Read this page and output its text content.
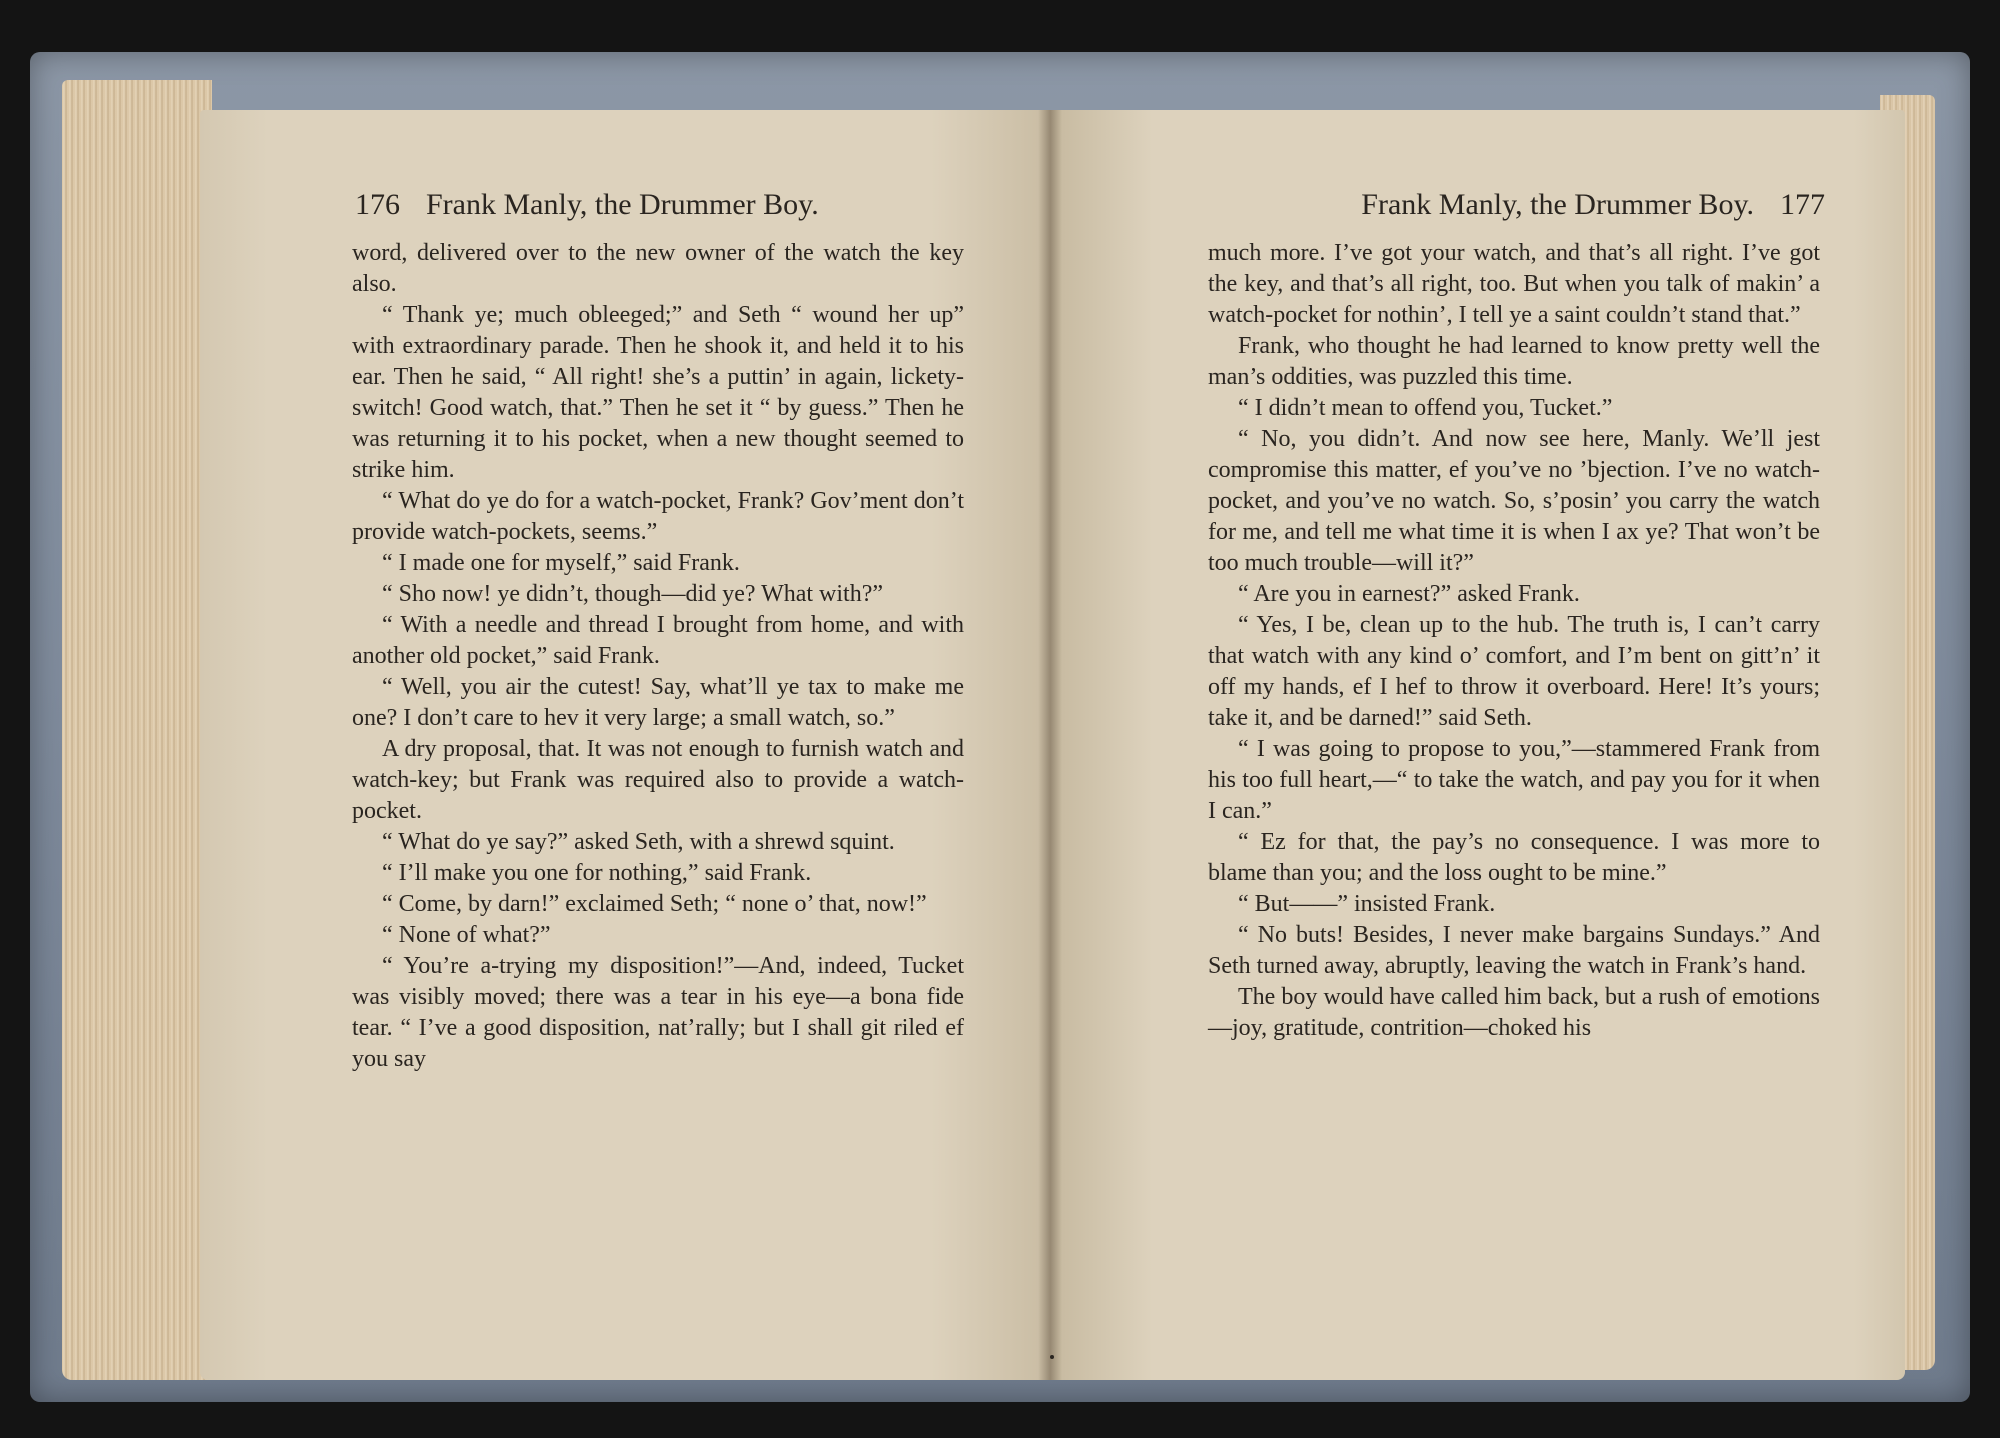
176 Frank Manly, the Drummer Boy.

word, delivered over to the new owner of the watch the key also.

“ Thank ye; much obleeged;” and Seth “ wound her up” with extraordinary parade. Then he shook it, and held it to his ear. Then he said, “ All right! she’s a puttin’ in again, lickety-switch! Good watch, that.” Then he set it “ by guess.” Then he was returning it to his pocket, when a new thought seemed to strike him.

“ What do ye do for a watch-pocket, Frank? Gov’ment don’t provide watch-pockets, seems.”

“ I made one for myself,” said Frank.

“ Sho now! ye didn’t, though—did ye? What with?”

“ With a needle and thread I brought from home, and with another old pocket,” said Frank.

“ Well, you air the cutest! Say, what’ll ye tax to make me one? I don’t care to hev it very large; a small watch, so.”

A dry proposal, that. It was not enough to furnish watch and watch-key; but Frank was required also to provide a watch-pocket.

“ What do ye say?” asked Seth, with a shrewd squint.

“ I’ll make you one for nothing,” said Frank.

“ Come, by darn!” exclaimed Seth; “ none o’ that, now!”

“ None of what?”

“ You’re a-trying my disposition!”—And, indeed, Tucket was visibly moved; there was a tear in his eye—a bona fide tear. “ I’ve a good disposition, nat’rally; but I shall git riled ef you say

Frank Manly, the Drummer Boy. 177

much more. I’ve got your watch, and that’s all right. I’ve got the key, and that’s all right, too. But when you talk of makin’ a watch-pocket for nothin’, I tell ye a saint couldn’t stand that.”

Frank, who thought he had learned to know pretty well the man’s oddities, was puzzled this time.

“ I didn’t mean to offend you, Tucket.”

“ No, you didn’t. And now see here, Manly. We’ll jest compromise this matter, ef you’ve no ’bjection. I’ve no watch-pocket, and you’ve no watch. So, s’posin’ you carry the watch for me, and tell me what time it is when I ax ye? That won’t be too much trouble—will it?”

“ Are you in earnest?” asked Frank.

“ Yes, I be, clean up to the hub. The truth is, I can’t carry that watch with any kind o’ comfort, and I’m bent on gitt’n’ it off my hands, ef I hef to throw it overboard. Here! It’s yours; take it, and be darned!” said Seth.

“ I was going to propose to you,”—stammered Frank from his too full heart,—“ to take the watch, and pay you for it when I can.”

“ Ez for that, the pay’s no consequence. I was more to blame than you; and the loss ought to be mine.”

“ But——” insisted Frank.

“ No buts! Besides, I never make bargains Sundays.” And Seth turned away, abruptly, leaving the watch in Frank’s hand.

The boy would have called him back, but a rush of emotions—joy, gratitude, contrition—choked his
